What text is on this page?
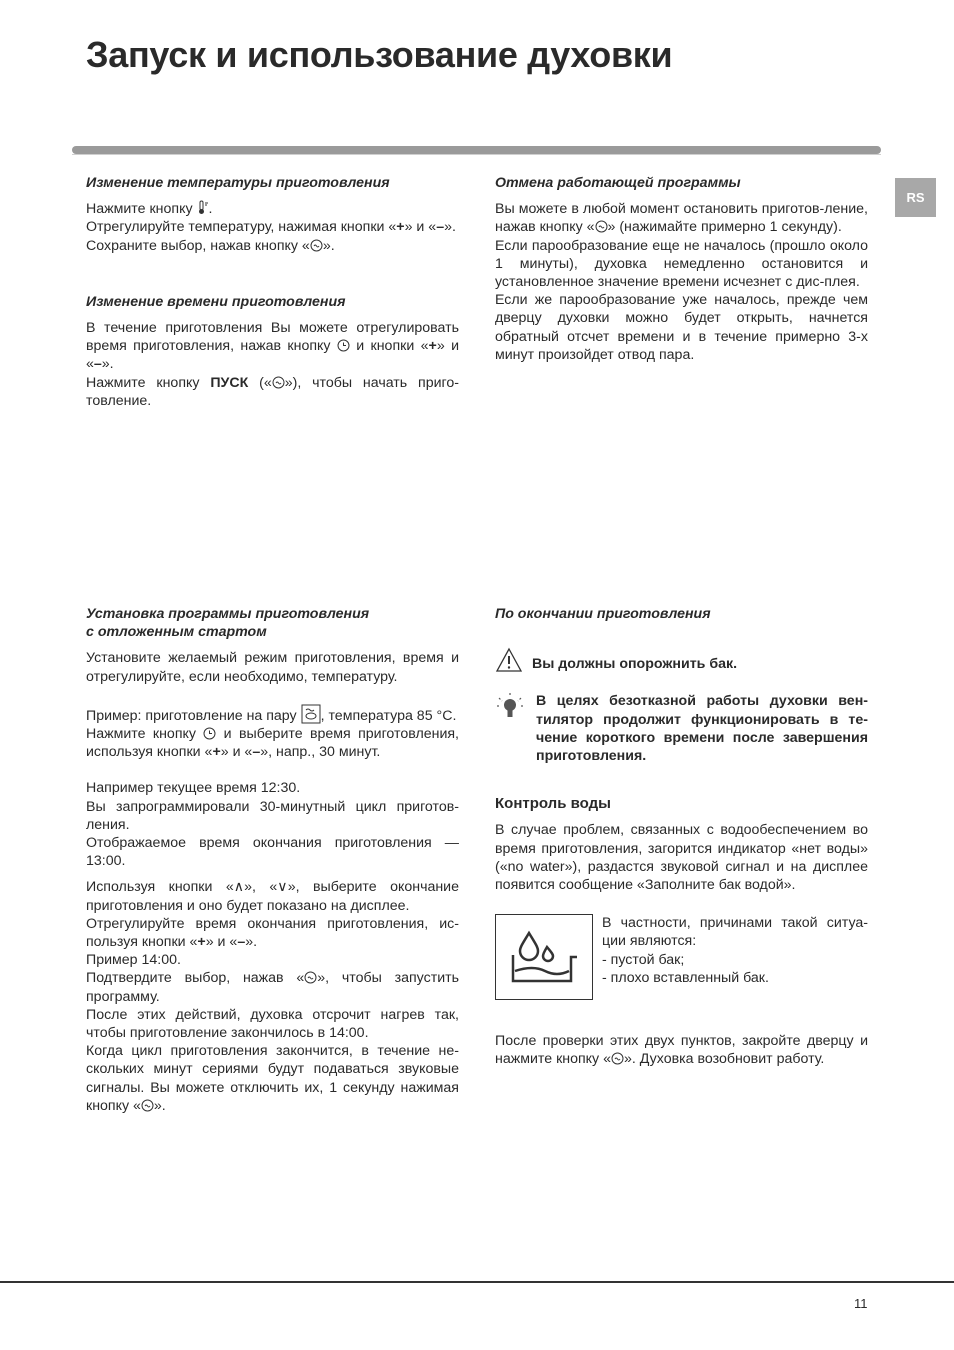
Запуск и использование духовки
RS
Изменение температуры приготовления

Нажмите кнопку .
Отрегулируйте температуру, нажимая кнопки «+» и «–».
Сохраните выбор, нажав кнопку « ».

Изменение времени приготовления

В течение приготовления Вы можете отрегулировать время приготовления, нажав кнопку  и кнопки «+» и «–».
Нажмите кнопку ПУСК (« »), чтобы начать приго-товление.

Отмена работающей программы

Вы можете в любой момент остановить приготов-ление, нажав кнопку « » (нажимайте примерно 1 секунду).

Если парообразование еще не началось (прошло около 1 минуты), духовка немедленно остановится и установленное значение времени исчезнет с дис-плея.

Если же парообразование уже началось, прежде чем дверцу духовки можно будет открыть, начнется обратный отсчет времени и в течение примерно 3-х минут произойдет отвод пара.

Установка программы приготовления
с отложенным стартом

Установите желаемый режим приготовления, время и отрегулируйте, если необходимо, температуру.

Пример: приготовление на пару , температура 85 °C.
Нажмите кнопку  и выберите время приготовления, используя кнопки «+» и «–», напр., 30 минут.

Например текущее время 12:30.

Вы запрограммировали 30-минутный цикл приготов-ления.

Отображаемое время окончания приготовления — 13:00.

Используя кнопки «∧», «∨», выберите окончание приготовления и оно будет показано на дисплее.

Отрегулируйте время окончания приготовления, ис-пользуя кнопки «+» и «–».

Пример 14:00.

Подтвердите выбор, нажав « », чтобы запустить программу.

После этих действий, духовка отсрочит нагрев так, чтобы приготовление закончилось в 14:00.

Когда цикл приготовления закончится, в течение не-скольких минут сериями будут подаваться звуковые сигналы. Вы можете отключить их, 1 секунду нажимая кнопку « ».

По окончании приготовления
Вы должны опорожнить бак.

В целях безотказной работы духовки вен-тилятор продолжит функционировать в те-чение короткого времени после завершения приготовления.

Контроль воды

В случае проблем, связанных с водообеспечением во время приготовления, загорится индикатор «нет воды» («no water»), раздастся звуковой сигнал и на дисплее появится сообщение «Заполните бак водой».

В частности, причинами такой ситуа-ции являются:

- пустой бак;

- плохо вставленный бак.

После проверки этих двух пунктов, закройте дверцу и нажмите кнопку « ». Духовка возобновит работу.

11
